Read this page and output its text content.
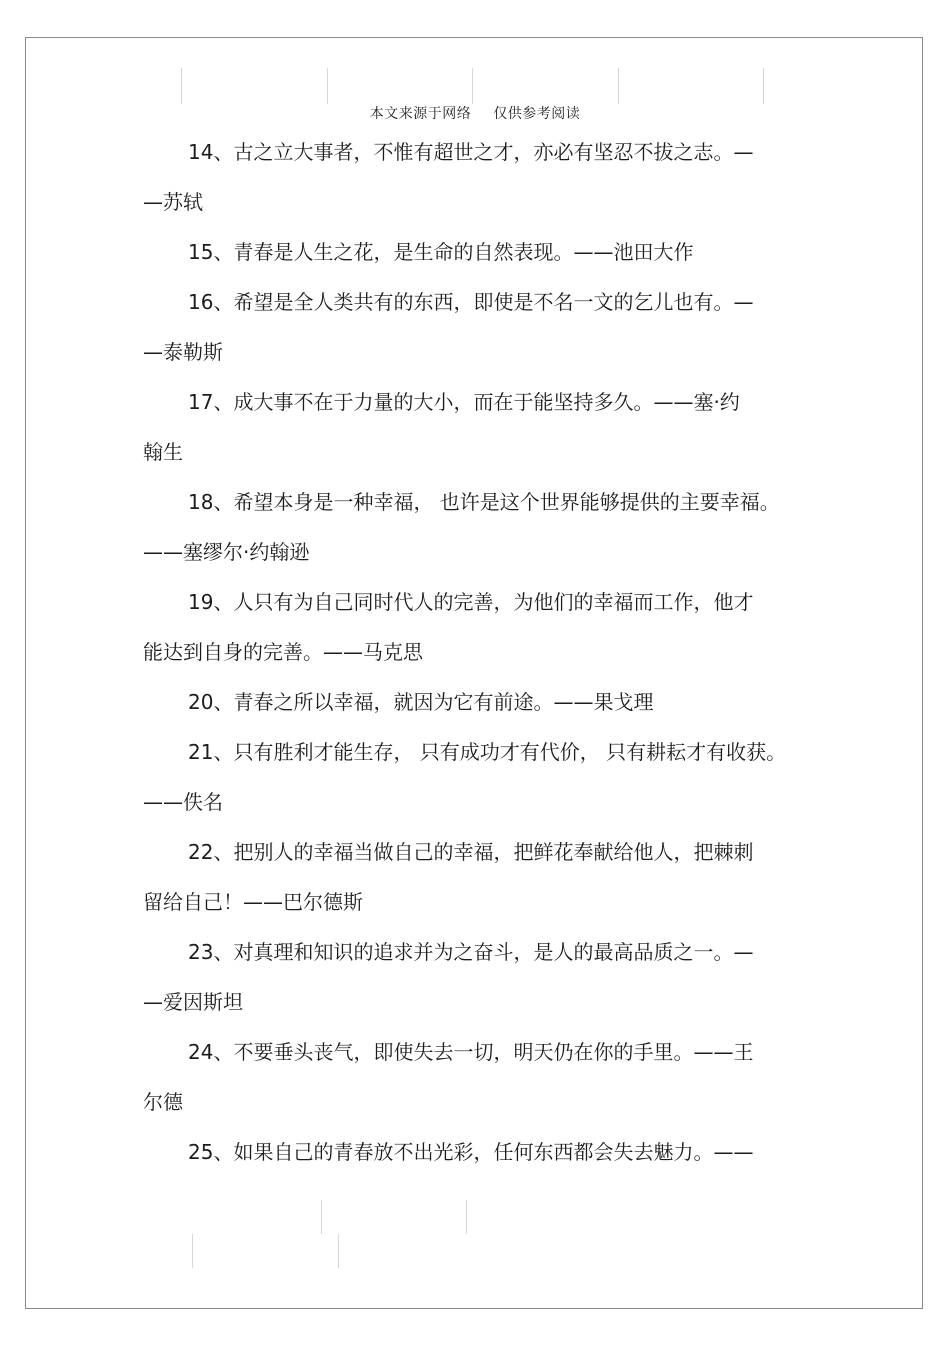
本文来源于网络 仅供参考阅读
14、古之立大事者，不惟有超世之才，亦必有坚忍不拔之志。—
—苏轼
15、青春是人生之花，是生命的自然表现。——池田大作
16、希望是全人类共有的东西，即使是不名一文的乞儿也有。—
—泰勒斯
17、成大事不在于力量的大小，而在于能坚持多久。——塞·约
翰生
18、希望本身是一种幸福， 也许是这个世界能够提供的主要幸福。
——塞缪尔·约翰逊
19、人只有为自己同时代人的完善，为他们的幸福而工作，他才
能达到自身的完善。——马克思
20、青春之所以幸福，就因为它有前途。——果戈理
21、只有胜利才能生存， 只有成功才有代价， 只有耕耘才有收获。
——佚名
22、把别人的幸福当做自己的幸福，把鲜花奉献给他人，把棘刺
留给自己！——巴尔德斯
23、对真理和知识的追求并为之奋斗，是人的最高品质之一。—
—爱因斯坦
24、不要垂头丧气，即使失去一切，明天仍在你的手里。——王
尔德
25、如果自己的青春放不出光彩，任何东西都会失去魅力。——
